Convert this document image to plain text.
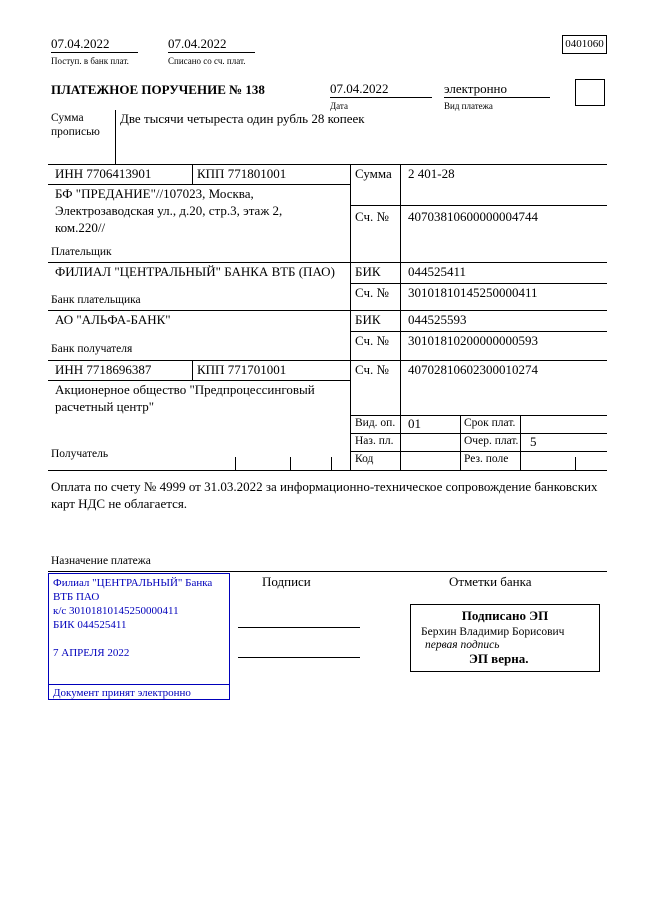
07.04.2022
Поступ. в банк плат.
07.04.2022
Списано со сч. плат.
0401060
ПЛАТЕЖНОЕ ПОРУЧЕНИЕ № 138	07.04.2022
Дата
электронно
Вид платежа
Сумма прописью
Две тысячи четыреста один рубль 28 копеек
ИНН 7706413901	КПП 771801001	Сумма 2 401-28
БФ "ПРЕДАНИЕ"//107023, Москва, Электрозаводская ул., д.20, стр.3, этаж 2, ком.220//
Сч. № 40703810600000004744
Плательщик
ФИЛИАЛ "ЦЕНТРАЛЬНЫЙ" БАНКА ВТБ (ПАО) БИК 044525411
Сч. № 30101810145250000411
Банк плательщика
АО "АЛЬФА-БАНК"	БИК 044525593
Сч. № 30101810200000000593
Банк получателя
ИНН 7718696387	КПП 771701001	Сч. № 40702810602300010274
Акционерное общество "Предпроцессинговый расчетный центр"
Получатель
Вид. оп. 01	Срок плат.
Наз. пл.	Очер. плат. 5
Код	Рез. поле
Оплата по счету № 4999 от 31.03.2022 за информационно-техническое сопровождение банковских карт НДС не облагается.
Назначение платежа
Филиал "ЦЕНТРАЛЬНЫЙ" Банка
ВТБ ПАО
к/с 30101810145250000411
БИК 044525411
7 АПРЕЛЯ 2022
Документ принят электронно
Подписи	Отметки банка
Подписано ЭП
Берхин Владимир Борисович
первая подпись
ЭП верна.
